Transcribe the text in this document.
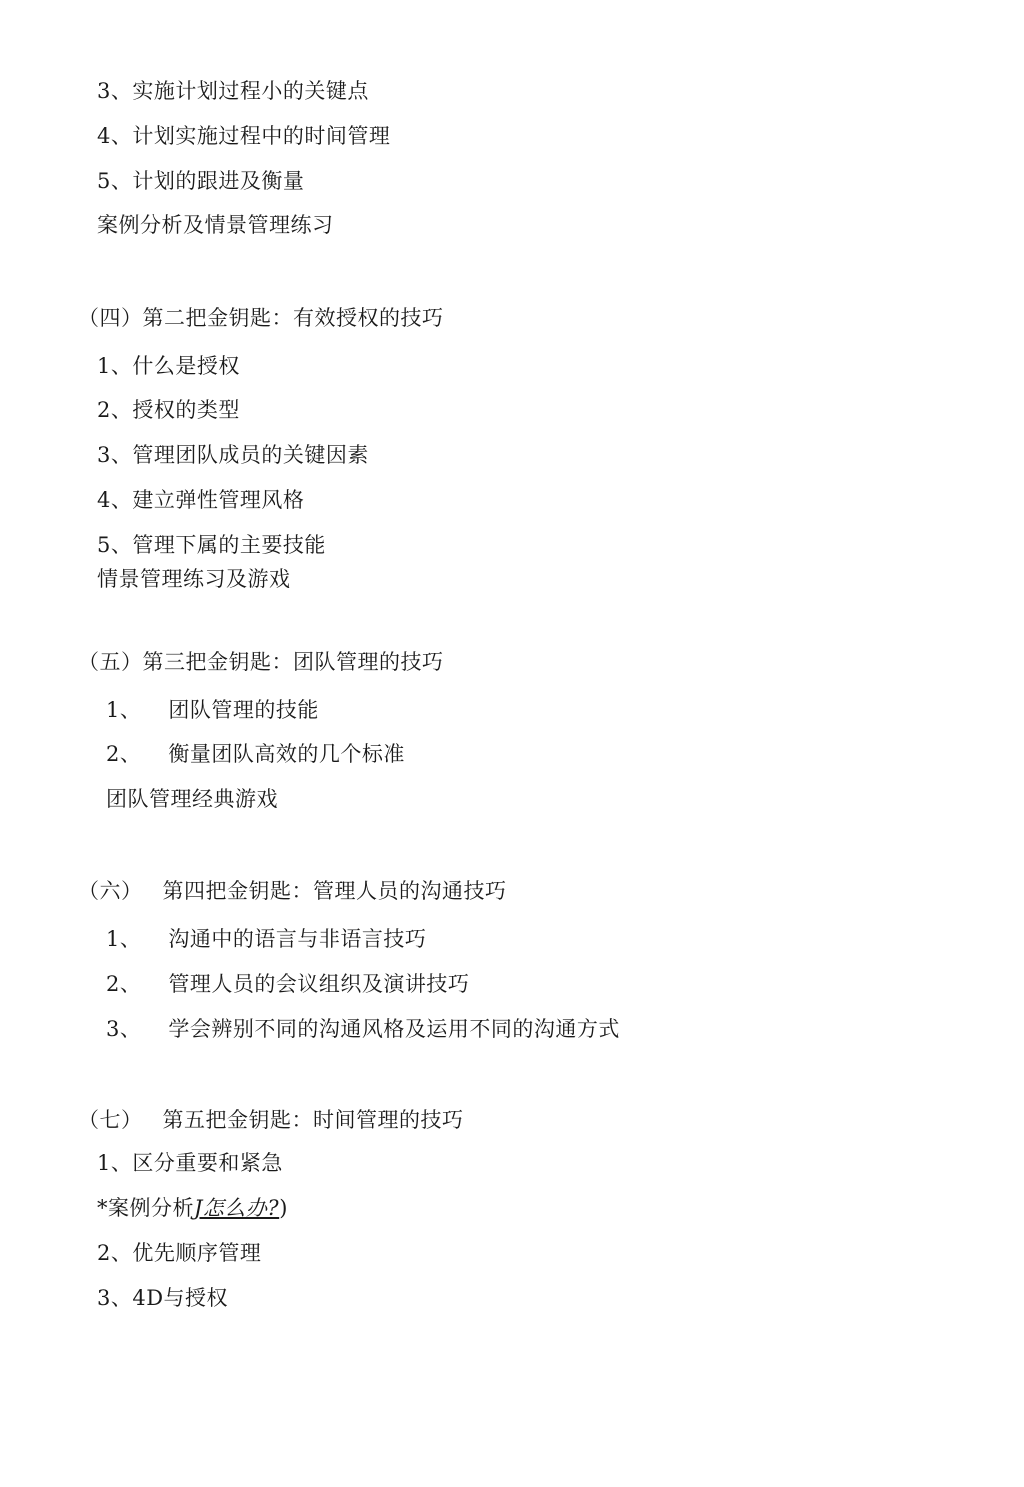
3、实施计划过程小的关键点
4、计划实施过程中的时间管理
5、计划的跟进及衡量
案例分析及情景管理练习
（四）第二把金钥匙：有效授权的技巧
1、什么是授权
2、授权的类型
3、管理团队成员的关键因素
4、建立弹性管理风格
5、管理下属的主要技能
情景管理练习及游戏
（五）第三把金钥匙：团队管理的技巧
1、 团队管理的技能
2、 衡量团队高效的几个标准
团队管理经典游戏
（六） 第四把金钥匙：管理人员的沟通技巧
1、 沟通中的语言与非语言技巧
2、 管理人员的会议组织及演讲技巧
3、 学会辨别不同的沟通风格及运用不同的沟通方式
（七） 第五把金钥匙：时间管理的技巧
1、区分重要和紧急
*案例分析J怎么办?)
2、优先顺序管理
3、4D与授权
